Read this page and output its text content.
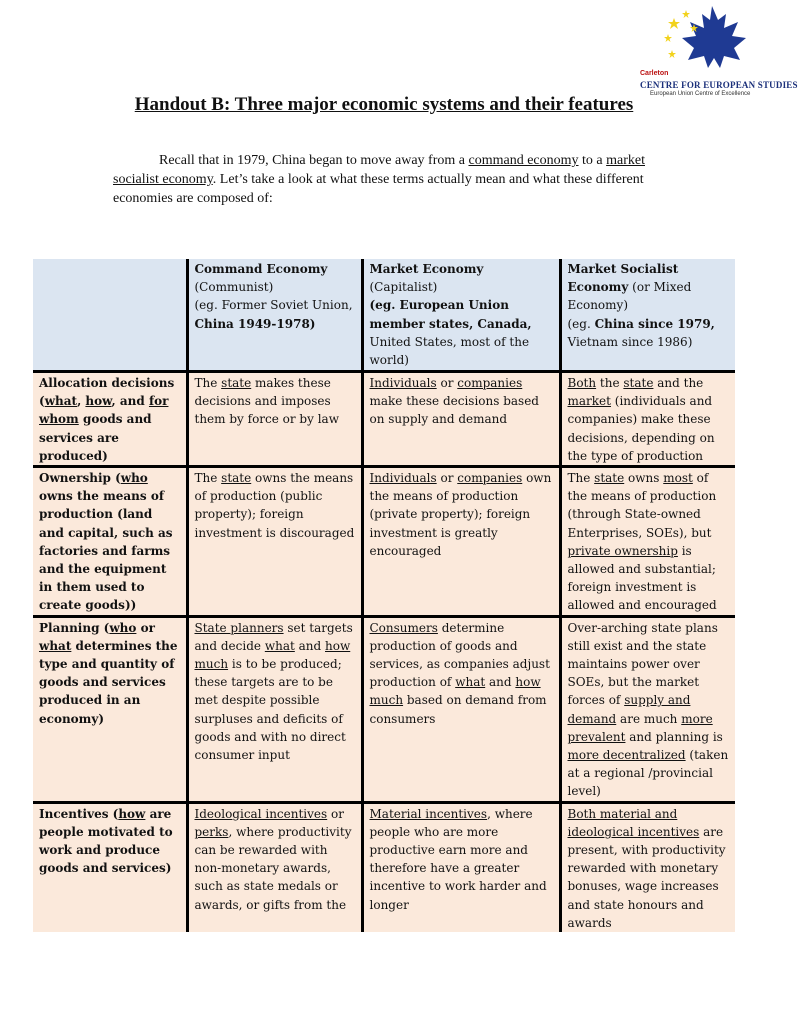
Carleton
CENTRE FOR EUROPEAN STUDIES
European Union Centre of Excellence
Handout B: Three major economic systems and their features
Recall that in 1979, China began to move away from a command economy to a market socialist economy. Let’s take a look at what these terms actually mean and what these different economies are composed of:
	Command Economy
(Communist)
(eg. Former Soviet Union, China 1949-1978)	Market Economy
(Capitalist)
(eg. European Union member states, Canada, United States, most of the world)	Market Socialist Economy (or Mixed Economy)
(eg. China since 1979, Vietnam since 1986)
Allocation decisions (what, how, and for whom goods and services are produced)	The state makes these decisions and imposes them by force or by law	Individuals or companies make these decisions based on supply and demand	Both the state and the market (individuals and companies) make these decisions, depending on the type of production
Ownership (who owns the means of production (land and capital, such as factories and farms and the equipment in them used to create goods))	The state owns the means of production (public property); foreign investment is discouraged	Individuals or companies own the means of production (private property); foreign investment is greatly encouraged	The state owns most of the means of production (through State-owned Enterprises, SOEs), but private ownership is allowed and substantial; foreign investment is allowed and encouraged
Planning (who or what determines the type and quantity of goods and services produced in an economy)	State planners set targets and decide what and how much is to be produced; these targets are to be met despite possible surpluses and deficits of goods and with no direct consumer input	Consumers determine production of goods and services, as companies adjust production of what and how much based on demand from consumers	Over-arching state plans still exist and the state maintains power over SOEs, but the market forces of supply and demand are much more prevalent and planning is more decentralized (taken at a regional /provincial level)
Incentives (how are people motivated to work and produce goods and services)	Ideological incentives or perks, where productivity can be rewarded with non-monetary awards, such as state medals or awards, or gifts from the	Material incentives, where people who are more productive earn more and therefore have a greater incentive to work harder and longer	Both material and ideological incentives are present, with productivity rewarded with monetary bonuses, wage increases and state honours and awards
